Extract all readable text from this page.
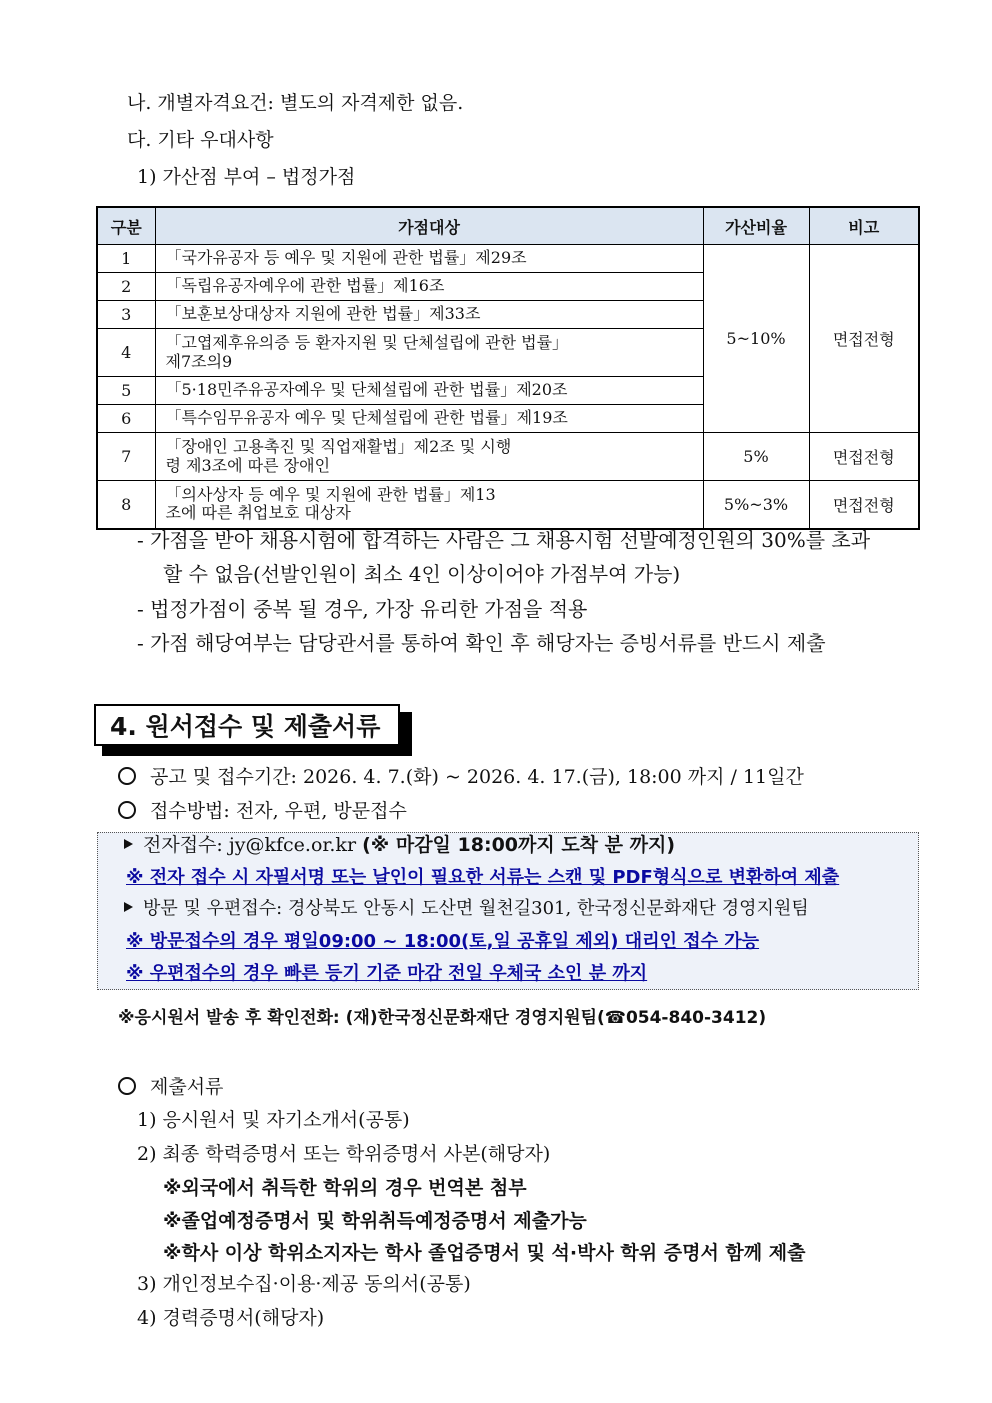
나. 개별자격요건: 별도의 자격제한 없음.
다. 기타 우대사항
1) 가산점 부여 – 법정가점
구분	가점대상	가산비율	비고
1	「국가유공자 등 예우 및 지원에 관한 법률」제29조	5~10%	면접전형
2	「독립유공자예우에 관한 법률」제16조		
3	「보훈보상대상자 지원에 관한 법률」제33조		
4	「고엽제후유의증 등 환자지원 및 단체설립에 관한 법률」
제7조의9		
5	「5·18민주유공자예우 및 단체설립에 관한 법률」제20조		
6	「특수임무유공자 예우 및 단체설립에 관한 법률」제19조		
7	「장애인 고용촉진 및 직업재활법」제2조 및 시행
령 제3조에 따른 장애인	5%	면접전형
8	「의사상자 등 예우 및 지원에 관한 법률」제13
조에 따른 취업보호 대상자	5%~3%	면접전형
- 가점을 받아 채용시험에 합격하는 사람은 그 채용시험 선발예정인원의 30%를 초과
할 수 없음(선발인원이 최소 4인 이상이어야 가점부여 가능)
- 법정가점이 중복 될 경우, 가장 유리한 가점을 적용
- 가점 해당여부는 담당관서를 통하여 확인 후 해당자는 증빙서류를 반드시 제출
4. 원서접수 및 제출서류
공고 및 접수기간: 2026. 4. 7.(화) ~ 2026. 4. 17.(금), 18:00 까지 / 11일간
접수방법: 전자, 우편, 방문접수
전자접수: jy@kfce.or.kr (※ 마감일 18:00까지 도착 분 까지)
※ 전자 접수 시 자필서명 또는 날인이 필요한 서류는 스캔 및 PDF형식으로 변환하여 제출
방문 및 우편접수: 경상북도 안동시 도산면 월천길301, 한국정신문화재단 경영지원팀
※ 방문접수의 경우 평일09:00 ~ 18:00(토,일 공휴일 제외) 대리인 접수 가능
※ 우편접수의 경우 빠른 등기 기준 마감 전일 우체국 소인 분 까지
※응시원서 발송 후 확인전화: (재)한국정신문화재단 경영지원팀(☎054-840-3412)
제출서류
1) 응시원서 및 자기소개서(공통)
2) 최종 학력증명서 또는 학위증명서 사본(해당자)
※외국에서 취득한 학위의 경우 번역본 첨부
※졸업예정증명서 및 학위취득예정증명서 제출가능
※학사 이상 학위소지자는 학사 졸업증명서 및 석·박사 학위 증명서 함께 제출
3) 개인정보수집·이용·제공 동의서(공통)
4) 경력증명서(해당자)
